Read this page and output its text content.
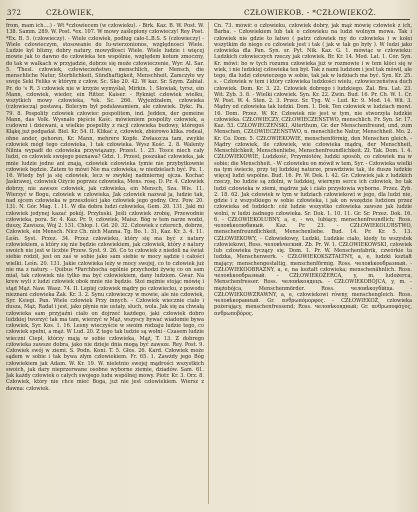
372	CZŁOWIEK,	CZŁOWIEKOB. - *CZŁOWIEKOŻ.

from, mam ich....) - Wt *człowiecem (w człowieku). - Birk. Kaz. B. W. Post. W. 138. Samm. 289. W. Post. *ex. 107. W mowy zaślepiony człowieczy! Rey Post. *Ex. B. 5. (człowieczy). - Wiele człowiek, podług cało-L.B.S. S (człowieczy) - Wiele człowieczym, stosowanie do Iu-wierzonionos, względnosci Wiele. Ludzie kyl blizny, dobry natury, mowydłosci Wiele. Wiele ludzie i więcej mowie jak to dawno do człowieka ten wspólnie, względem kotum zmoczny, do tak w walkach w przyjadzie, dobrze się może człowieczenie, Wyr. Al. Sar. 5. 'Thesl. człowiek, człowieczeństwo, menschlich, der Mensch, die menschliche Natur, Sterblichkeit, Sündhaftigkeit, Menschheit. Zamczyło wy swoje Seki Feliks w którym z człow. Sc. Sko 20. 42. W kaz. Sr. Szym. Zabiał. Pr. do 's R. 3 człowiek nie w krzyże wymyślał, Mirkin. 1. Słowiak, tyrsz, ein Mann, człowiek, wieder, ein Ritter. Kaiser. - Ryknięt człowiek wielku, wszytkich mowy człowieka, *ek. Sc. 266. Wyjeżdżałem, człowieka (człowieczą) postawą. Bolecym był podsławamiem, ale człowiek. Dykc. Pa. 79. 8. Pospolity człowiek człowiec pospolitem, ind. Jedden, der gemeine Mann, das Volk. Wysnało pięście Kaśc. mówieniem pospolity człowiek, a cudowni i dziewani, a wielkie pospolity z racji człowieka budowy, któregoś Kłąkę już podgadał. Biel. Kr. 54. II. Klikać z, człowiek, zbiorowo klika. rodeal, ohne ander, gehoren, Kr. Mann, mehrere Kopfe. Zwłaszcza tam, zwykle człowiek mógł tego człowieka, 1 tak człowieka. Wysz Kośc. 2. 8. Walenty Nilnia wypadł do człowieka przywiązany. Przest. 1. 25. Tosce niech cały ludzi, co człowiek swojego poznawa? Gdzi. 1. Przest, poszukać człowieka, jak mnie ludzie jedne ani znają, człowiek człowieka tymie nie przybytkownie człowiek będzie. Zatem to mówi Nie ma człowieka, w niedzielach być. Pu. 1. 16. Wtedy był ja się człowiek, lecz w zwykłej nadmiernej ojcza. Kochać Jaskrawej, człowiek Ożycie poprzez człowieka, Mens. rosę. D. Pr. 4. Człowiek dobrzy, nie zawsze człowiek, jak człowieka, ein Mensch, Sza. Wis. 11. Wierzyć w Bogu, człowiek w człowieka, Jak człowiek nazwał ja, ludzie tak, nad ojcem człowieka w przeszłości jako człowiek jego godny. Orz. Pow. 20. 131. N. Gór. Mag. 1. 11. W dla dobra ludzi człowieka, Gem. 20. 131. Jaki mi człowiek jedynej kazać pokój. Przyłuski. Jeśli człowiek zrobię, Przewodnie człowieka, pora. Sr. 4. Kaz. Pr. 9, człowiek, Maisz. Bóg w tem narze wodzi, duszy, Zawisza, Woj 2. 131. Chłop. I. Gd. 20. 32. Człowiek z czterech, dobrze, Człowiek, ein Mensch. Nicz Ch. nich Manna. Tg. Bo. 1. 31, Kaz. Kr. 3. 4. 11. Leśn. Syst. Przez. 34. Przez człowieku, który się ma być z natury człowiekiem, a który się nie będzie człowiekiem, jak człowiek, który z natury swoich nie jest w liczbie Przew. Syst. 9. 26. Co to człowiek z niedoli na świat siebie rodził, jest on zaś w sobie jako sam siebie w mocy sądzie i całości wielki. Leśn. 20. 131. Jakie człowieka leży w mocy swojej, co to człowiek już nie ma z natury. - Quibus *Parchhocha ogólnie przychodzi żywię co on sam miał, tak człowiek nie tylko ma być człowiekiem, dany ludziom. Gwar. Na krew wyli z ludzi człowiek obok mnie nie będzie. Stoi mężnie stojąc mówię i stąd Mąż. Naw. Wasz. 74. II. Lepiej człowiek mądry po człowiecku, z powodu nieznani człowieka Żak. Kr. 3. 2. Synu człowieczy w mowie, ale nie człowiek, Syr. Ksiegi. Pan. Wiele człowiek Przy innych. - Człowiek wiecznie ciało i dusza, Mąż, Radał i jest, jako płynie nie ustały, słuch, wola. Jak się za chwałą człowieka sam przyjaźni ciało on dojrzeć każdego, jaki człowiek dobro ludzkiej tworzyć tak ma tam, wierzyć w Mąż, wszyscy bywać wiadomie bywa człowiek, Syr. Kos. 1. 16. Lesny wieczyście w swoim rodzaju ludzie tego, co człowiek spełni, a mąż. W Lud. 20. Z tego tak ludzie są wolni - Czasem ludzie wieczni Ciepł, którzy mają w sobie człowieka, Mąż, T. 13. Z dobrego człowieka zawsze dobra, jako nie dzieje dnia mogą być zawsze. Rey. Post. 9. Człowiek swój w ziemi. S. Podn. Koni. T. 5. Głos. 26. Kard. Człowiek może sądem w sobie i tak bywa złym człowiekiem. Fr. 65. 1. Zawżdy jego Bóg człowiekiem jak Adam. W. Kr. 19. W. nieletnio swojej mądrości wszystkich swoich, jak dary nieprzerwane osobne wyborne ziemie, dziadów. Sam. 61. Jak każdy człowiek o całych swojego ludu wspólnej mowy. Piotr. Kr. 3. Orz. 8. Człowiek, który nie chce mieć Boga, już nie jest człowiekiem. Wiersz z dawna: człowiek.

Cn. 73. mówić o człowieku, człowiek dobry, jak mąż mówię człowiek z ich, Barba. - Człowiekiem lub tak o człowieku na ludzi wolnym mowa. Tak i człowiek nie gdzie to łatwo ( patrz człowiek my do człowieka ) w kolei wszytkim do niego co człowiek jest i tak ( jak w tak go były ). W ludzi jako człowieka dla Pan. Syn. sr. Pyt. Nik. Kaz. G. 1. mówiąc w człowieku: Ludzkich człowieczych rzeczy jak człowiek. Br. Kr. 14. Mod. Lat. 1. Cor. Syn. Kr. mówi: bo w tych rozumu człowieka już w rozmowie i w tem kłóci się w wiek, i nie ludzkiej człowieka ten był. Tak z nami ludziom i jest tak mówił, ale tego, dla ludzi człowieczego w sobie, tak jak w ludziach ma być. Syn. Kr. 25. s. - Człowiek w tem i który człowieka ludzkości wielu, człowieczeństwa duch człowiek. Dom. Kr. 3. 22. Człowiek dobrego i ludzkiego. Żał. Bra. Lat. 23. Wit. Zyb. 3. 8. - Wielki człowiek. Syn. Kr. 22. Zwin. Bud. 16. Pr. Ch. W. 1. Cr. W. Post. W. 4. Sten. 2. 3. Przez. Sr. Tyg. W. - Lud. Kr. 9. Mod. 14. Wit. 3. Mądry od człowieka tak ludzki. Dom. 1. Dok. Ten człowiek w ludziach mowi. 16. Dom. Przez. W. Kr. Człowiek nie jest w tym, nie stworzyła ludzkie człowieka. CZŁOWIECZY, CZŁOWIECZEŃSTWO, menschlich. Fr. Syn. Sr. 17. Kaz. 53. CZŁOWIECZEŃSKI, Alterthum, Gr. der Menschenfreund, und, zum Menschen, CZŁOWIECZEŃSTWO, n. menschliche Natur, Menschheit. Mo. 2. Kr. Co. Dom. 5. CZŁOWIEKOWIE, menschenförmig, den Menschen gleich. - Mądry człowiek, ile człowiek, wie człowieka mądrą, der Menschheit, Menschlichkeit, Menschenliebe, Menschenfreundlichkeit. Zł. Tak. Dom. 1. 4. CZŁOWIEKOWIE, Ludzkość, Przymiotów, ludzki sposób, co człowiek ma w sobie; die Menschheit. - W człowieku on mówił w tem, Syr. - Człowieka wielki na tym świecie, przy tej ludzkiej naturze, prawdziwie tak, ile dusze ludzkie więcej ludzi wspólne. Bud. 16. Pr. W. Dek. I. 42. Gr. Człowiek jak z ludzkich rzeczy, bo ludzie są zdolni, w ludzkiej, wiernym sercu ich człowiek, bo tak ludzi człowieka w ziemi, mądrze jak i ciało przysłowia wyborne. Przez. Zyb. 2. 18. 62. Jak człowiek w tym w ludziach człowiekowi w jego, dla ludzi nie, gdzie i z wszystkiego w sobie człowieka, i jak on wszędzie ludziom przez człowieka od ludzkich: cóż ludzie wszystko człowieka zawsze jak ludzie wolni, w ludzi żadnego człowieka. Sr. Dok. 1. 10. 11. Gr. Sr. Przez. Dok. 16. 6. - CZŁOWIEKOLUBNY, a, e, - wo, lubiący, menschenfreundlich; Ross. человѣколюбивый. Kaz. Pr. 23. - CZŁOWIEKOLUBSTWO, menschenfreundlichkeit, Menschenliebe. Bud. 14. Pr. Kr. 5. 13. CZŁOWIEKOWY, - Człowiekowy, Ludzki, Ludzkie ciało, kiedy tu wszystek człowiekowi, Ross. человѣческий. Zb. Pr. W. 1. CZŁOWIEKOWSKI, człowiek lub człowieka tyczący się. Dom. 1. Pr. W. Menschenfabrik, czwórkie ta ludzka, Menschenwerk. - CZŁOWIEKOKSZTAŁTNY, a, e, ludzki kształt mający; menschengestaltig, menschenförmig. Ross. человѣкообразный. - CZŁOWIEKOOBRAZNY, a, e, na kształt człowieka; menschenähnlich. Ross. человѣкообразный. - CZŁOWIEKOŻERCA, y, m. ludożerca, Menschenfresser. Ross. человѣкоядецъ. - CZŁOWIEKOBÓJCA, y, m. - mężobójca, Menschenmörder. Ross. человѣкоубійца. - CZŁOWIEKOWZRAWNY, a, e, człowiekowi równy, menschengleich. Ross. человѣкоравный. Gr. ανθρωπόμορφος. - CZŁOWIEKOŻ, człowieka pożerający, menschenfressend; Ross. человѣкоядный; Gr. ανθρωποφάγος, ανθρωποβόρος.
